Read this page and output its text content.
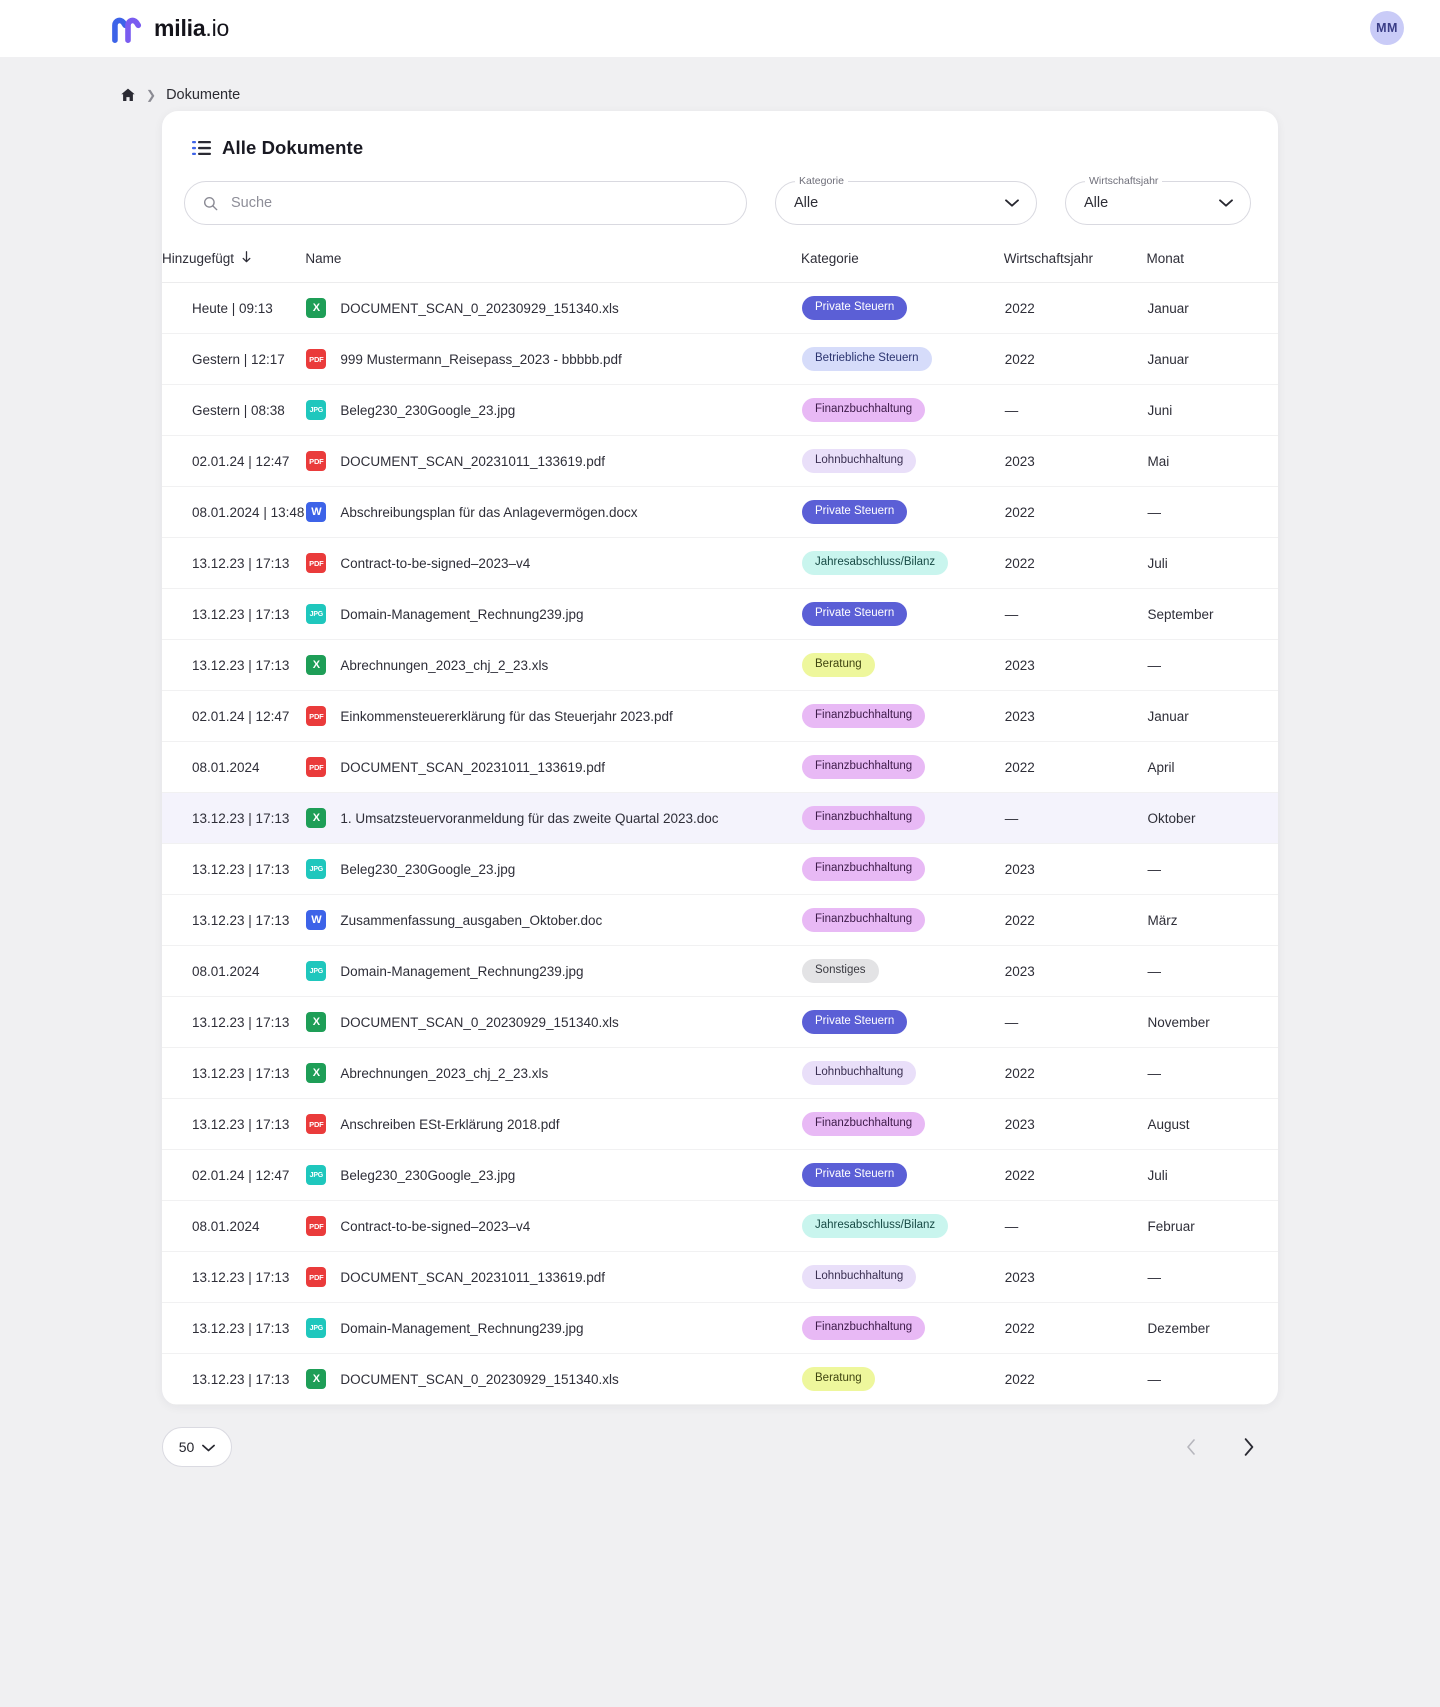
milia.io	MM
❯ Dokumente
Alle Dokumente
Suche
Kategorie
Alle
Wirtschaftsjahr
Alle
Hinzugefügt	Name	Kategorie	Wirtschaftsjahr	Monat
Heute | 09:13	X DOCUMENT_SCAN_0_20230929_151340.xls	Private Steuern	2022	Januar
Gestern | 12:17	PDF 999 Mustermann_Reisepass_2023 - bbbbb.pdf	Betriebliche Steuern	2022	Januar
Gestern | 08:38	JPG Beleg230_230Google_23.jpg	Finanzbuchhaltung	—	Juni
02.01.24 | 12:47	PDF DOCUMENT_SCAN_20231011_133619.pdf	Lohnbuchhaltung	2023	Mai
08.01.2024 | 13:48	W Abschreibungsplan für das Anlagevermögen.docx	Private Steuern	2022	—
13.12.23 | 17:13	PDF Contract-to-be-signed–2023–v4	Jahresabschluss/Bilanz	2022	Juli
13.12.23 | 17:13	JPG Domain-Management_Rechnung239.jpg	Private Steuern	—	September
13.12.23 | 17:13	X Abrechnungen_2023_chj_2_23.xls	Beratung	2023	—
02.01.24 | 12:47	PDF Einkommensteuererklärung für das Steuerjahr 2023.pdf	Finanzbuchhaltung	2023	Januar
08.01.2024	PDF DOCUMENT_SCAN_20231011_133619.pdf	Finanzbuchhaltung	2022	April
13.12.23 | 17:13	X 1. Umsatzsteuervoranmeldung für das zweite Quartal 2023.doc	Finanzbuchhaltung	—	Oktober
13.12.23 | 17:13	JPG Beleg230_230Google_23.jpg	Finanzbuchhaltung	2023	—
13.12.23 | 17:13	W Zusammenfassung_ausgaben_Oktober.doc	Finanzbuchhaltung	2022	März
08.01.2024	JPG Domain-Management_Rechnung239.jpg	Sonstiges	2023	—
13.12.23 | 17:13	X DOCUMENT_SCAN_0_20230929_151340.xls	Private Steuern	—	November
13.12.23 | 17:13	X Abrechnungen_2023_chj_2_23.xls	Lohnbuchhaltung	2022	—
13.12.23 | 17:13	PDF Anschreiben ESt-Erklärung 2018.pdf	Finanzbuchhaltung	2023	August
02.01.24 | 12:47	JPG Beleg230_230Google_23.jpg	Private Steuern	2022	Juli
08.01.2024	PDF Contract-to-be-signed–2023–v4	Jahresabschluss/Bilanz	—	Februar
13.12.23 | 17:13	PDF DOCUMENT_SCAN_20231011_133619.pdf	Lohnbuchhaltung	2023	—
13.12.23 | 17:13	JPG Domain-Management_Rechnung239.jpg	Finanzbuchhaltung	2022	Dezember
13.12.23 | 17:13	X DOCUMENT_SCAN_0_20230929_151340.xls	Beratung	2022	—
50
